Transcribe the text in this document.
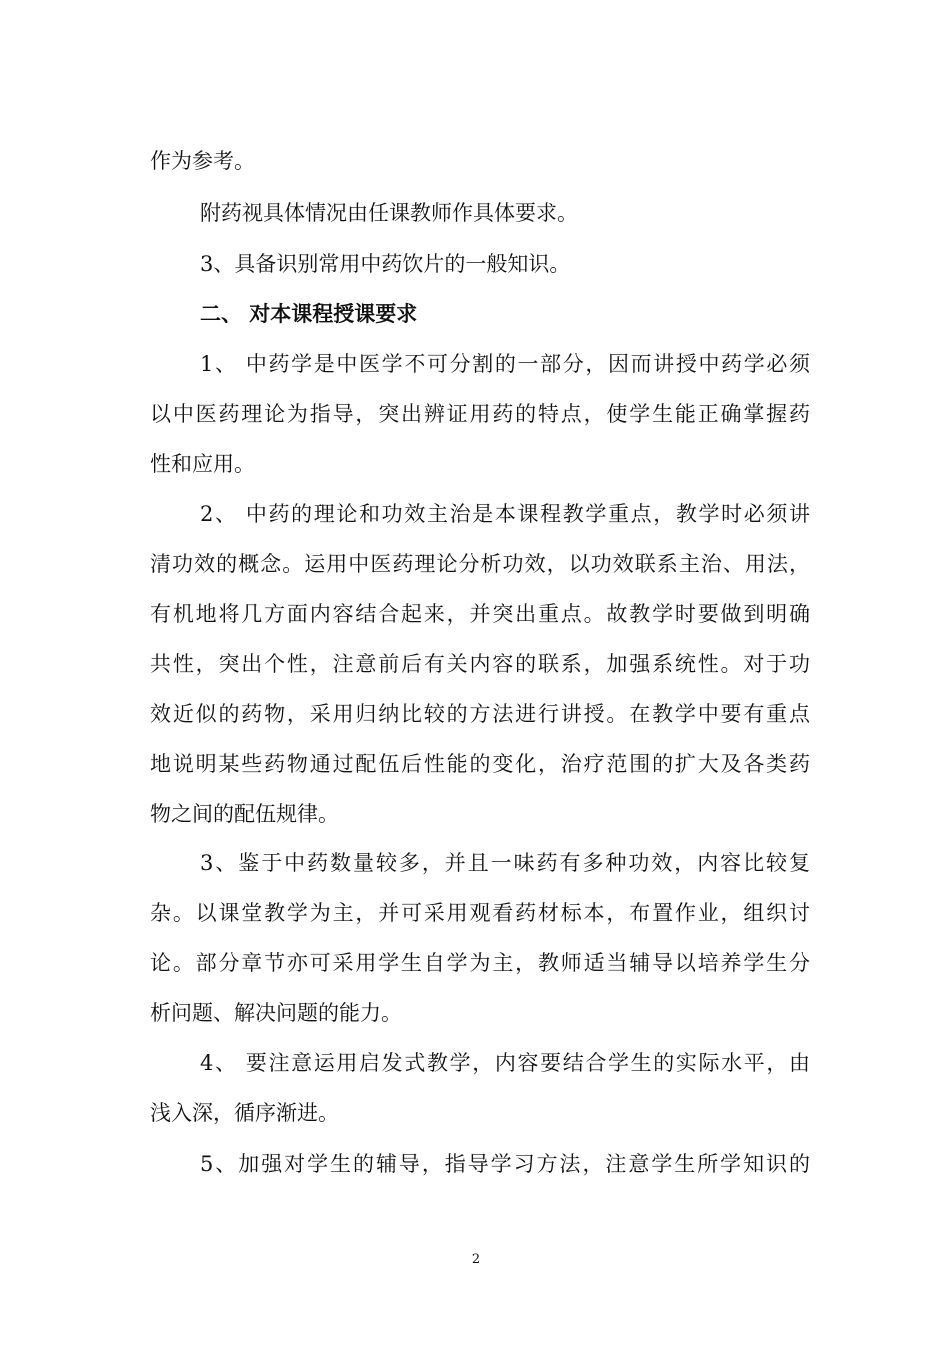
作为参考。
附药视具体情况由任课教师作具体要求。
3、具备识别常用中药饮片的一般知识。
二、 对本课程授课要求
1、 中药学是中医学不可分割的一部分，因而讲授中药学必须
以中医药理论为指导，突出辨证用药的特点，使学生能正确掌握药
性和应用。
2、 中药的理论和功效主治是本课程教学重点，教学时必须讲
清功效的概念。运用中医药理论分析功效，以功效联系主治、用法，
有机地将几方面内容结合起来，并突出重点。故教学时要做到明确
共性，突出个性，注意前后有关内容的联系，加强系统性。对于功
效近似的药物，采用归纳比较的方法进行讲授。在教学中要有重点
地说明某些药物通过配伍后性能的变化，治疗范围的扩大及各类药
物之间的配伍规律。
3、鉴于中药数量较多，并且一味药有多种功效，内容比较复
杂。以课堂教学为主，并可采用观看药材标本，布置作业，组织讨
论。部分章节亦可采用学生自学为主，教师适当辅导以培养学生分
析问题、解决问题的能力。
4、 要注意运用启发式教学，内容要结合学生的实际水平，由
浅入深，循序渐进。
5、加强对学生的辅导，指导学习方法，注意学生所学知识的
2
